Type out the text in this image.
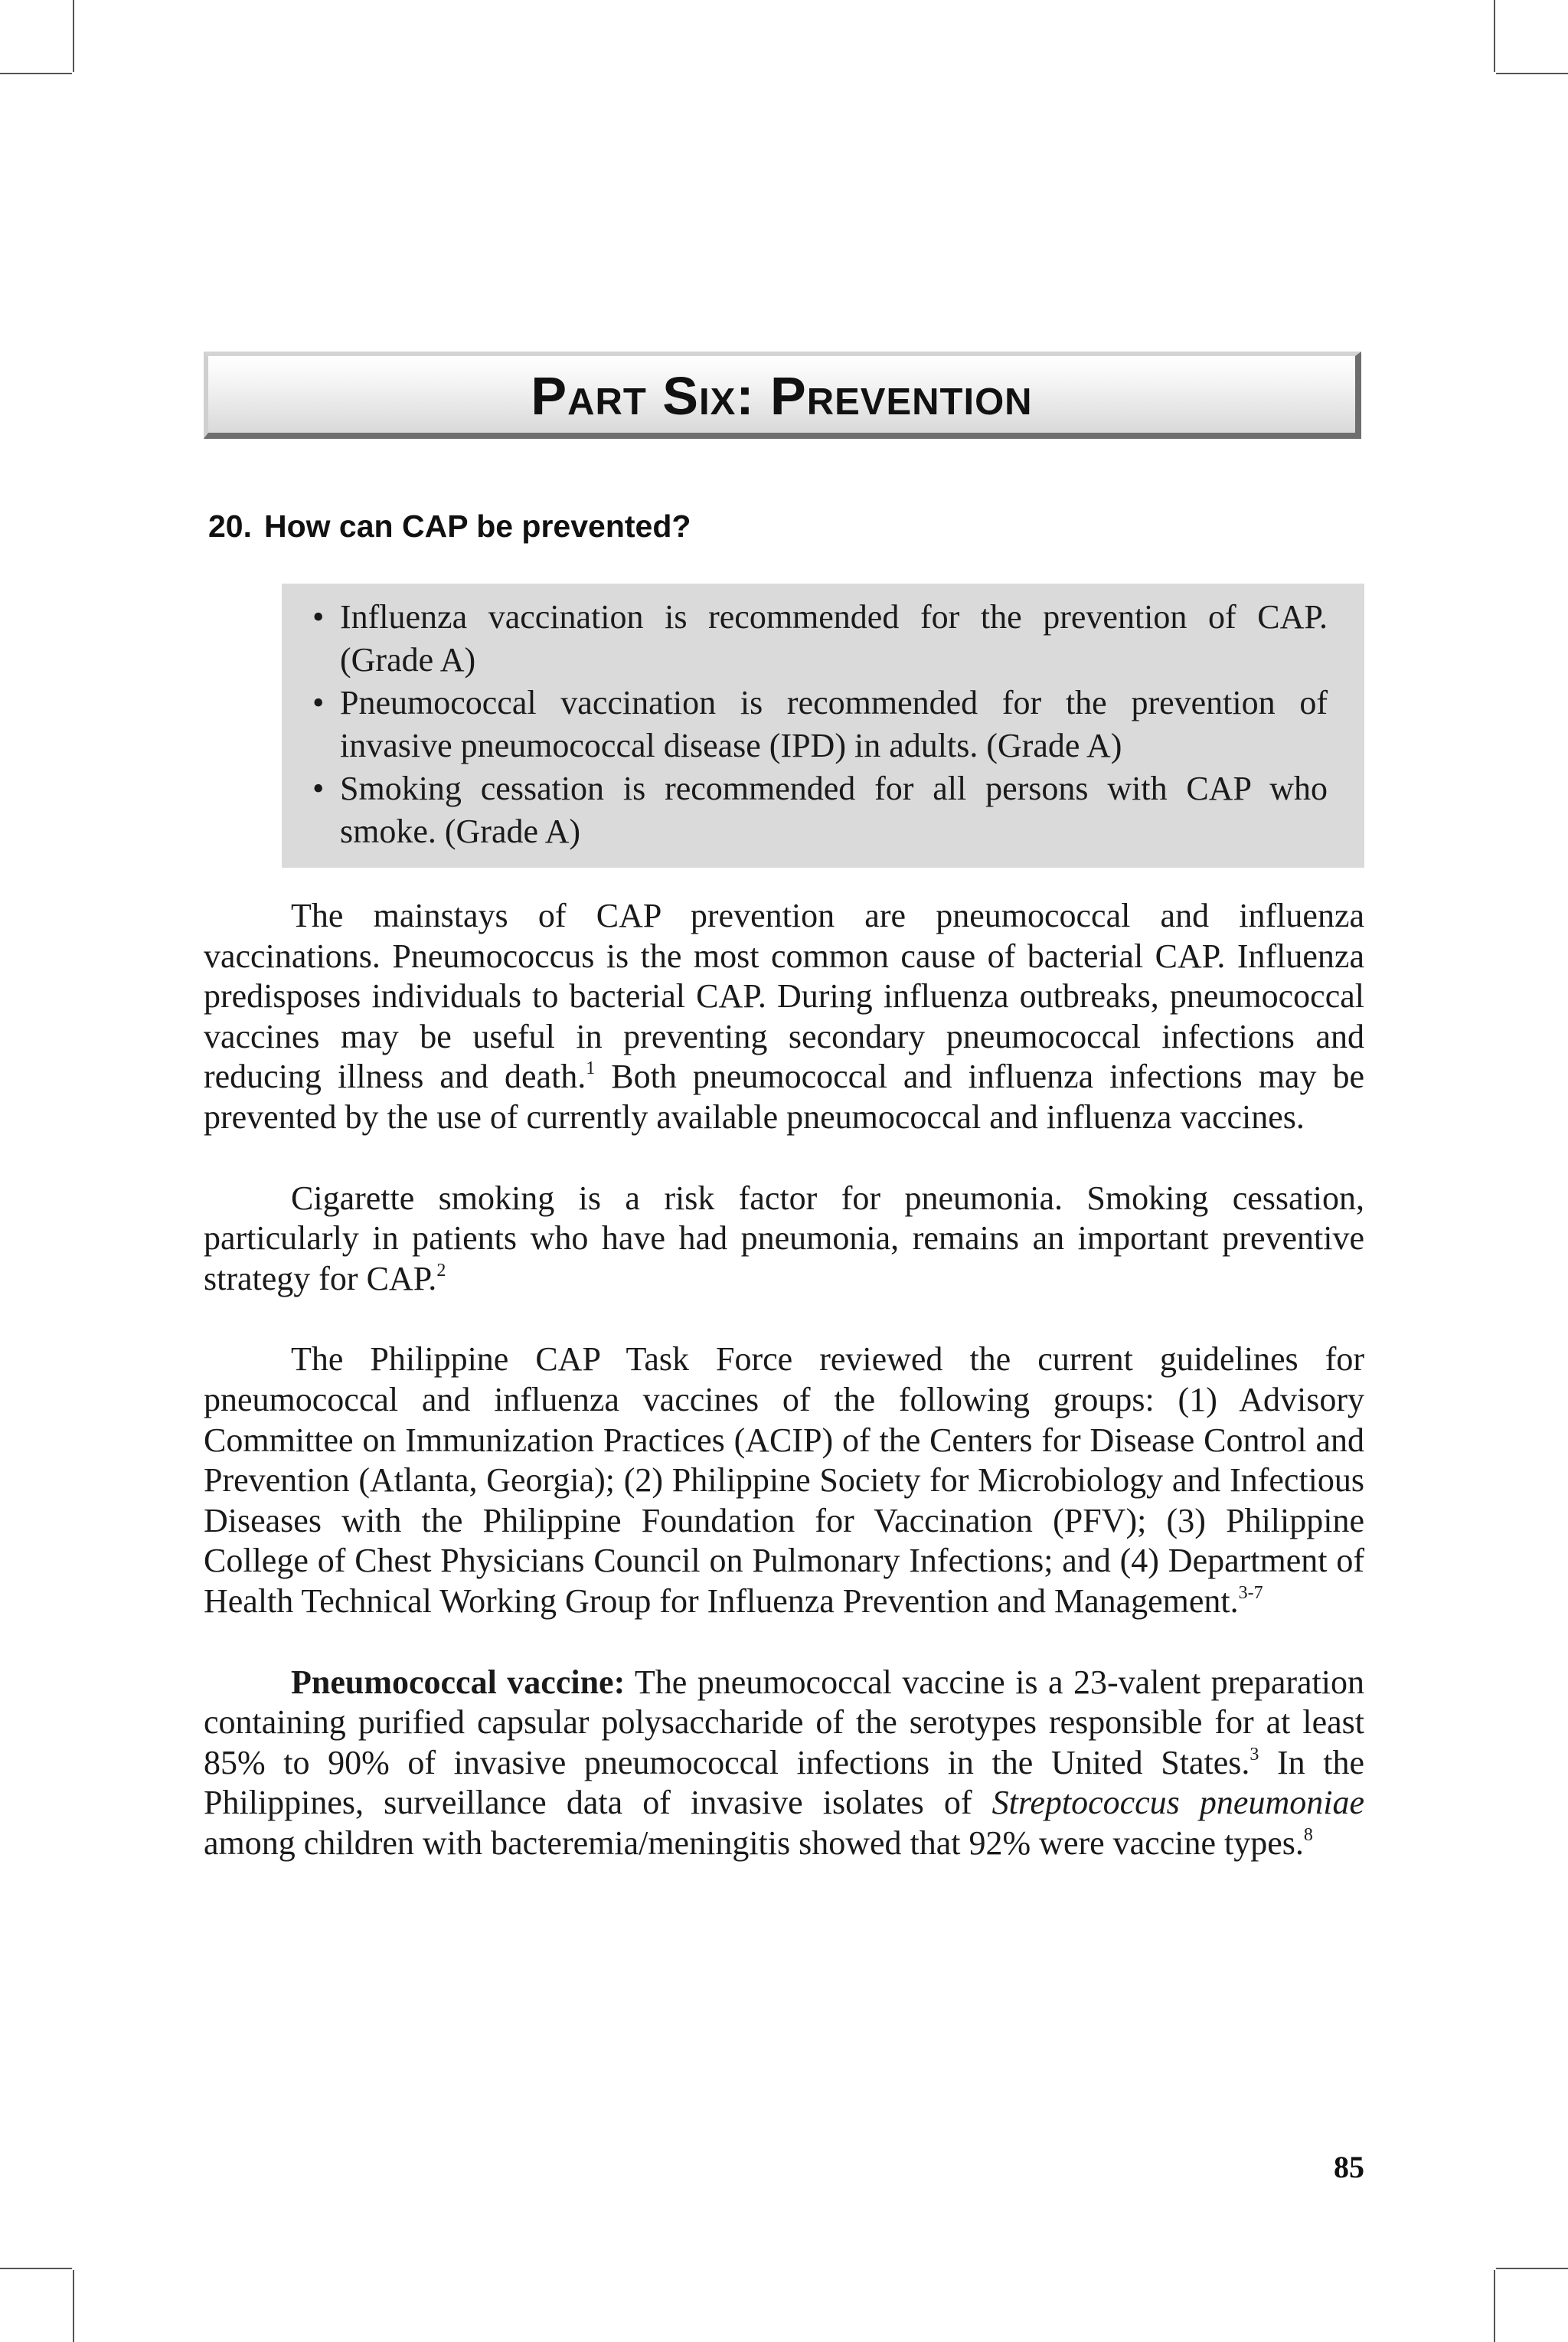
Part Six: Prevention
20. How can CAP be prevented?
• Influenza vaccination is recommended for the prevention of CAP. (Grade A)
• Pneumococcal vaccination is recommended for the prevention of invasive pneumococcal disease (IPD) in adults. (Grade A)
• Smoking cessation is recommended for all persons with CAP who smoke. (Grade A)

The mainstays of CAP prevention are pneumococcal and influenza vaccinations. Pneumococcus is the most common cause of bacterial CAP. Influenza predisposes individuals to bacterial CAP. During influenza outbreaks, pneumococcal vaccines may be useful in preventing secondary pneumococcal infections and reducing illness and death.$^1$ Both pneumococcal and influenza infections may be prevented by the use of currently available pneumococcal and influenza vaccines.

Cigarette smoking is a risk factor for pneumonia. Smoking cessation, particularly in patients who have had pneumonia, remains an important preventive strategy for CAP.$^2$

The Philippine CAP Task Force reviewed the current guidelines for pneumococcal and influenza vaccines of the following groups: (1) Advisory Committee on Immunization Practices (ACIP) of the Centers for Disease Control and Prevention (Atlanta, Georgia); (2) Philippine Society for Microbiology and Infectious Diseases with the Philippine Foundation for Vaccination (PFV); (3) Philippine College of Chest Physicians Council on Pulmonary Infections; and (4) Department of Health Technical Working Group for Influenza Prevention and Management.$^{3-7}$

Pneumococcal vaccine: The pneumococcal vaccine is a 23-valent preparation containing purified capsular polysaccharide of the serotypes responsible for at least 85% to 90% of invasive pneumococcal infections in the United States.$^3$ In the Philippines, surveillance data of invasive isolates of Streptococcus pneumoniae among children with bacteremia/meningitis showed that 92% were vaccine types.$^8$

85
